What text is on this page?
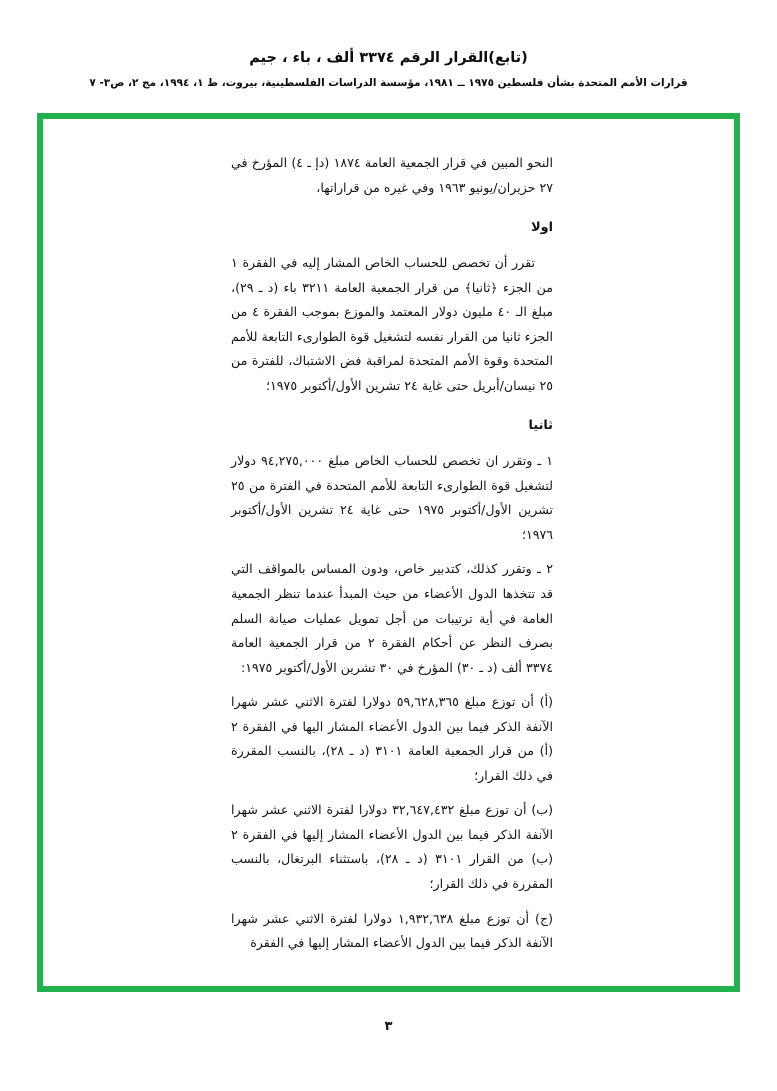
(تابع)القرار الرقم ٣٣٧٤ ألف ، باء ، جيم
قرارات الأمم المتحدة بشأن فلسطين ١٩٧٥ ــ ١٩٨١، مؤسسة الدراسات الفلسطينية، بيروت، ط ١، ١٩٩٤، مج ٢، ص٣- ٧

النحو المبين في قرار الجمعية العامة ١٨٧٤ (دإ ـ ٤) المؤرخ في ٢٧ حزيران/يونيو ١٩٦٣ وفي غيره من قراراتها،

اولا

تقرر أن تخصص للحساب الخاص المشار إليه في الفقرة ١ من الجزء ﴿ثانيا﴾ من قرار الجمعية العامة ٣٢١١ باء (د ـ ٢٩)، مبلغ الـ ٤٠ مليون دولار المعتمد والموزع بموجب الفقرة ٤ من الجزء ثانيا من القرار نفسه لتشغيل قوة الطوارىء التابعة للأمم المتحدة وقوة الأمم المتحدة لمراقبة فض الاشتباك، للفترة من ٢٥ نيسان/أبريل حتى غاية ٢٤ تشرين الأول/أكتوبر ١٩٧٥؛

ثانيا

١ ـ وتقرر ان تخصص للحساب الخاص مبلغ ٩٤,٢٧٥,٠٠٠ دولار لتشغيل قوة الطوارىء التابعة للأمم المتحدة في الفترة من ٢٥ تشرين الأول/أكتوبر ١٩٧٥ حتى غاية ٢٤ تشرين الأول/أكتوبر ١٩٧٦؛

٢ ـ وتقرر كذلك، كتدبير خاص، ودون المساس بالمواقف التي قد تتخذها الدول الأعضاء من حيث المبدأ عندما تنظر الجمعية العامة في أية ترتيبات من أجل تمويل عمليات صيانة السلم بصرف النظر عن أحكام الفقرة ٢ من قرار الجمعية العامة ٣٣٧٤ ألف (د ـ ٣٠) المؤرخ في ٣٠ تشرين الأول/أكتوبر ١٩٧٥:

(أ) أن توزع مبلغ ٥٩,٦٢٨,٣٦٥ دولارا لفترة الاثني عشر شهرا الآنفة الذكر فيما بين الدول الأعضاء المشار اليها في الفقرة ٢ (أ) من قرار الجمعية العامة ٣١٠١ (د ـ ٢٨)، بالنسب المقررة في ذلك القرار؛

(ب) أن توزع مبلغ ٣٢,٦٤٧,٤٣٢ دولارا لفترة الاثني عشر شهرا الآنفة الذكر فيما بين الدول الأعضاء المشار إليها في الفقرة ٢ (ب) من القرار ٣١٠١ (د ـ ٢٨)، باستثناء البرتغال، بالنسب المقررة في ذلك القرار؛

(ج) أن توزع مبلغ ١,٩٣٢,٦٣٨ دولارا لفترة الاثني عشر شهرا الآنفة الذكر فيما بين الدول الأعضاء المشار إليها في الفقرة

٣
